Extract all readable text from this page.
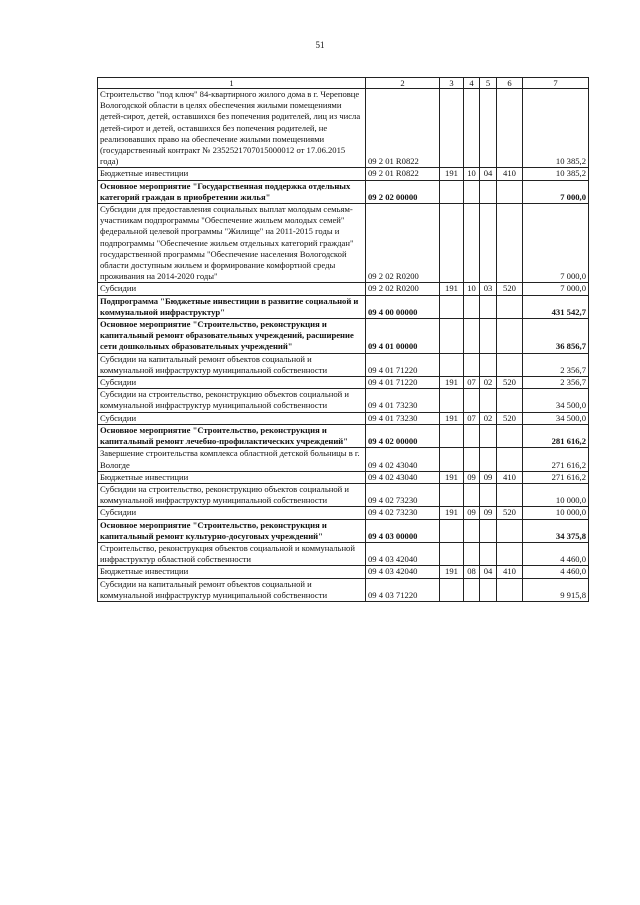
51
1	2	3	4	5	6	7
Строительство "под ключ" 84-квартирного жилого дома в г. Череповце Вологодской области в целях обеспечения жилыми помещениями детей-сирот, детей, оставшихся без попечения родителей, лиц из числа детей-сирот и детей, оставшихся без попечения родителей, не реализовавших право на обеспечение жилыми помещениями (государственный контракт № 2352521707015000012 от 17.06.2015 года)	09 2 01 R0822					10 385,2
Бюджетные инвестиции	09 2 01 R0822	191	10	04	410	10 385,2
Основное мероприятие "Государственная поддержка отдельных категорий граждан в приобретении жилья"	09 2 02 00000					7 000,0
Субсидии для предоставления социальных выплат молодым семьям-участникам подпрограммы "Обеспечение жильем молодых семей" федеральной целевой программы "Жилище" на 2011-2015 годы и подпрограммы "Обеспечение жильем отдельных категорий граждан" государственной программы "Обеспечение населения Вологодской области доступным жильем и формирование комфортной среды проживания на 2014-2020 годы"	09 2 02 R0200					7 000,0
Субсидии	09 2 02 R0200	191	10	03	520	7 000,0
Подпрограмма "Бюджетные инвестиции в развитие социальной и коммунальной инфраструктур"	09 4 00 00000					431 542,7
Основное мероприятие "Строительство, реконструкция и капитальный ремонт образовательных учреждений, расширение сети дошкольных образовательных учреждений"	09 4 01 00000					36 856,7
Субсидии на капитальный ремонт объектов социальной и коммунальной инфраструктур муниципальной собственности	09 4 01 71220					2 356,7
Субсидии	09 4 01 71220	191	07	02	520	2 356,7
Субсидии на строительство, реконструкцию объектов социальной и коммунальной инфраструктур муниципальной собственности	09 4 01 73230					34 500,0
Субсидии	09 4 01 73230	191	07	02	520	34 500,0
Основное мероприятие "Строительство, реконструкция и капитальный ремонт лечебно-профилактических учреждений"	09 4 02 00000					281 616,2
Завершение строительства комплекса областной детской больницы в г. Вологде	09 4 02 43040					271 616,2
Бюджетные инвестиции	09 4 02 43040	191	09	09	410	271 616,2
Субсидии на строительство, реконструкцию объектов социальной и коммунальной инфраструктур муниципальной собственности	09 4 02 73230					10 000,0
Субсидии	09 4 02 73230	191	09	09	520	10 000,0
Основное мероприятие "Строительство, реконструкция и капитальный ремонт культурно-досуговых учреждений"	09 4 03 00000					34 375,8
Строительство, реконструкция объектов социальной и коммунальной инфраструктур областной собственности	09 4 03 42040					4 460,0
Бюджетные инвестиции	09 4 03 42040	191	08	04	410	4 460,0
Субсидии на капитальный ремонт объектов социальной и коммунальной инфраструктур муниципальной собственности	09 4 03 71220					9 915,8
